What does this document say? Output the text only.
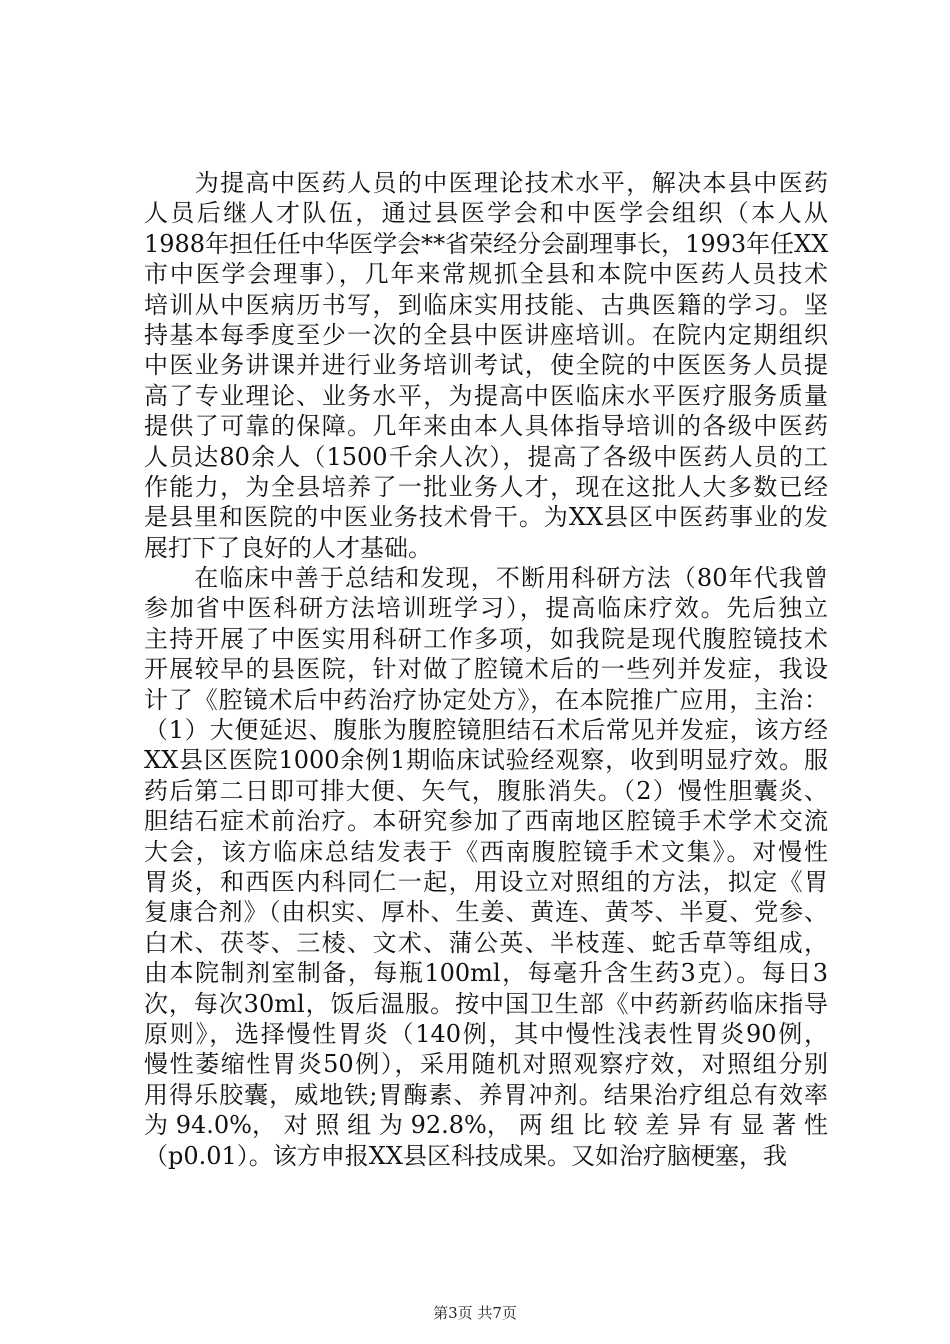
　　为提高中医药人员的中医理论技术水平，解决本县中医药
人员后继人才队伍，通过县医学会和中医学会组织（本人从
1988年担任任中华医学会**省荣经分会副理事长，1993年任XX
市中医学会理事），几年来常规抓全县和本院中医药人员技术
培训从中医病历书写，到临床实用技能、古典医籍的学习。坚
持基本每季度至少一次的全县中医讲座培训。在院内定期组织
中医业务讲课并进行业务培训考试，使全院的中医医务人员提
高了专业理论、业务水平，为提高中医临床水平医疗服务质量
提供了可靠的保障。几年来由本人具体指导培训的各级中医药
人员达80余人（1500千余人次），提高了各级中医药人员的工
作能力，为全县培养了一批业务人才，现在这批人大多数已经
是县里和医院的中医业务技术骨干。为XX县区中医药事业的发
展打下了良好的人才基础。
　　在临床中善于总结和发现，不断用科研方法（80年代我曾
参加省中医科研方法培训班学习），提高临床疗效。先后独立
主持开展了中医实用科研工作多项，如我院是现代腹腔镜技术
开展较早的县医院，针对做了腔镜术后的一些列并发症，我设
计了《腔镜术后中药治疗协定处方》，在本院推广应用，主治：
（1）大便延迟、腹胀为腹腔镜胆结石术后常见并发症，该方经
XX县区医院1000余例1期临床试验经观察，收到明显疗效。服
药后第二日即可排大便、矢气，腹胀消失。（2）慢性胆囊炎、
胆结石症术前治疗。本研究参加了西南地区腔镜手术学术交流
大会，该方临床总结发表于《西南腹腔镜手术文集》。对慢性
胃炎，和西医内科同仁一起，用设立对照组的方法，拟定《胃
复康合剂》（由枳实、厚朴、生姜、黄连、黄芩、半夏、党参、
白术、茯苓、三棱、文术、蒲公英、半枝莲、蛇舌草等组成，
由本院制剂室制备，每瓶100ml，每毫升含生药3克）。每日3
次，每次30ml，饭后温服。按中国卫生部《中药新药临床指导
原则》，选择慢性胃炎（140例，其中慢性浅表性胃炎90例，
慢性萎缩性胃炎50例），采用随机对照观察疗效，对照组分别
用得乐胶囊，威地铁;胃酶素、养胃冲剂。结果治疗组总有效率
为 94.0%， 对 照 组 为 92.8%， 两 组 比 较 差 异 有 显 著 性
（p0.01）。该方申报XX县区科技成果。又如治疗脑梗塞，我
第3页 共7页
